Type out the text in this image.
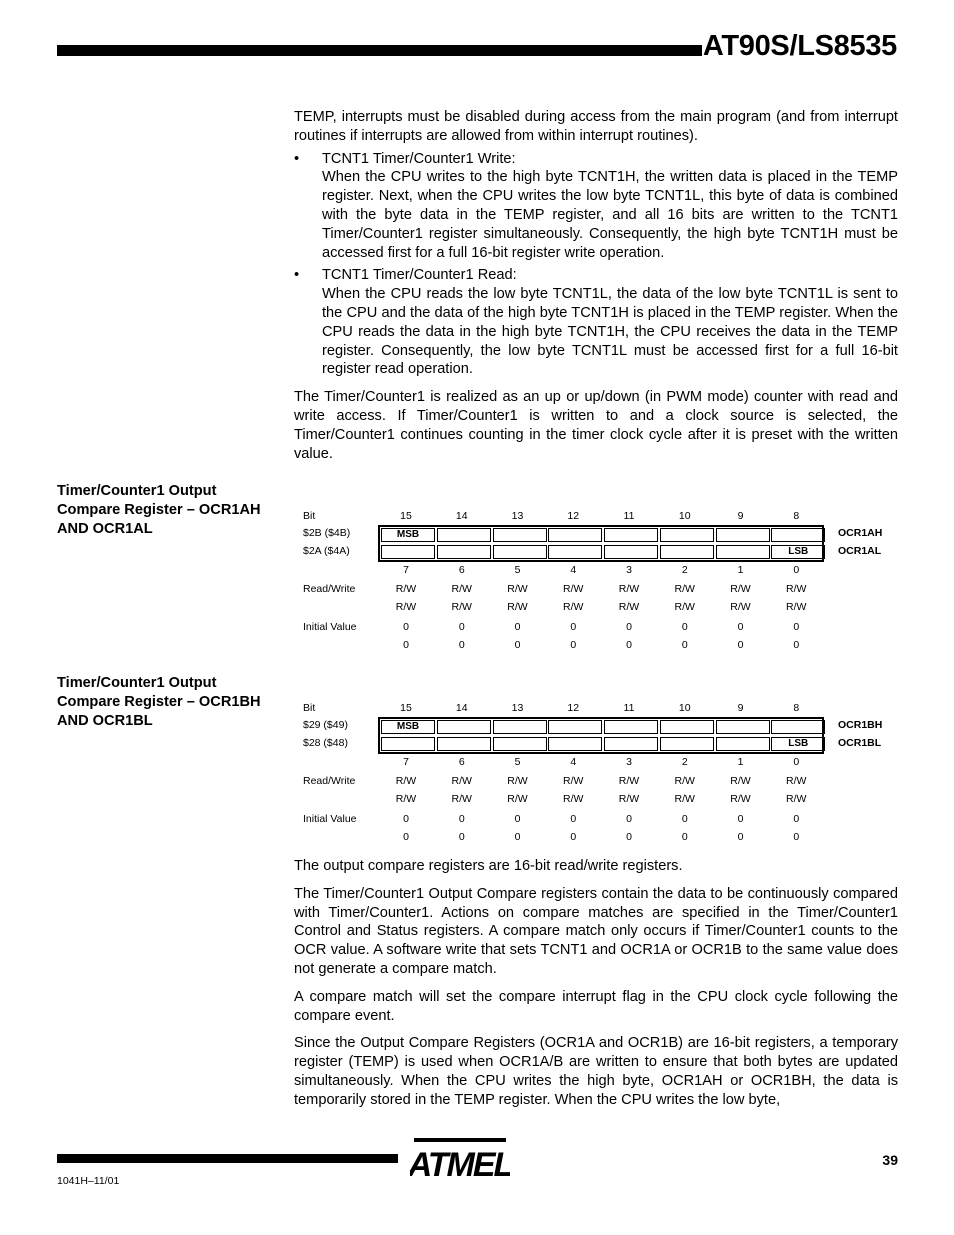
AT90S/LS8535

TEMP, interrupts must be disabled during access from the main program (and from interrupt routines if interrupts are allowed from within interrupt routines).

• TCNT1 Timer/Counter1 Write:

When the CPU writes to the high byte TCNT1H, the written data is placed in the TEMP register. Next, when the CPU writes the low byte TCNT1L, this byte of data is combined with the byte data in the TEMP register, and all 16 bits are written to the TCNT1 Timer/Counter1 register simultaneously. Consequently, the high byte TCNT1H must be accessed first for a full 16-bit register write operation.

• TCNT1 Timer/Counter1 Read:

When the CPU reads the low byte TCNT1L, the data of the low byte TCNT1L is sent to the CPU and the data of the high byte TCNT1H is placed in the TEMP register. When the CPU reads the data in the high byte TCNT1H, the CPU receives the data in the TEMP register. Consequently, the low byte TCNT1L must be accessed first for a full 16-bit register read operation.

The Timer/Counter1 is realized as an up or up/down (in PWM mode) counter with read and write access. If Timer/Counter1 is written to and a clock source is selected, the Timer/Counter1 continues counting in the timer clock cycle after it is preset with the written value.

Timer/Counter1 Output Compare Register – OCR1AH AND OCR1AL
Bit
$2B ($4B)
$2A ($4A)
Read/Write
Initial Value
OCR1AH
OCR1AL
MSB
LSB
15
7
R/W
R/W
0
0
14
6
R/W
R/W
0
0
13
5
R/W
R/W
0
0
12
4
R/W
R/W
0
0
11
3
R/W
R/W
0
0
10
2
R/W
R/W
0
0
9
1
R/W
R/W
0
0
8
0
R/W
R/W
0
0
Timer/Counter1 Output Compare Register – OCR1BH AND OCR1BL
Bit
$29 ($49)
$28 ($48)
Read/Write
Initial Value
OCR1BH
OCR1BL
MSB
LSB
15
7
R/W
R/W
0
0
14
6
R/W
R/W
0
0
13
5
R/W
R/W
0
0
12
4
R/W
R/W
0
0
11
3
R/W
R/W
0
0
10
2
R/W
R/W
0
0
9
1
R/W
R/W
0
0
8
0
R/W
R/W
0
0

The output compare registers are 16-bit read/write registers.

The Timer/Counter1 Output Compare registers contain the data to be continuously compared with Timer/Counter1. Actions on compare matches are specified in the Timer/Counter1 Control and Status registers. A compare match only occurs if Timer/Counter1 counts to the OCR value. A software write that sets TCNT1 and OCR1A or OCR1B to the same value does not generate a compare match.

A compare match will set the compare interrupt flag in the CPU clock cycle following the compare event.

Since the Output Compare Registers (OCR1A and OCR1B) are 16-bit registers, a temporary register (TEMP) is used when OCR1A/B are written to ensure that both bytes are updated simultaneously. When the CPU writes the high byte, OCR1AH or OCR1BH, the data is temporarily stored in the TEMP register. When the CPU writes the low byte,

ATMEL	39
1041H–11/01
